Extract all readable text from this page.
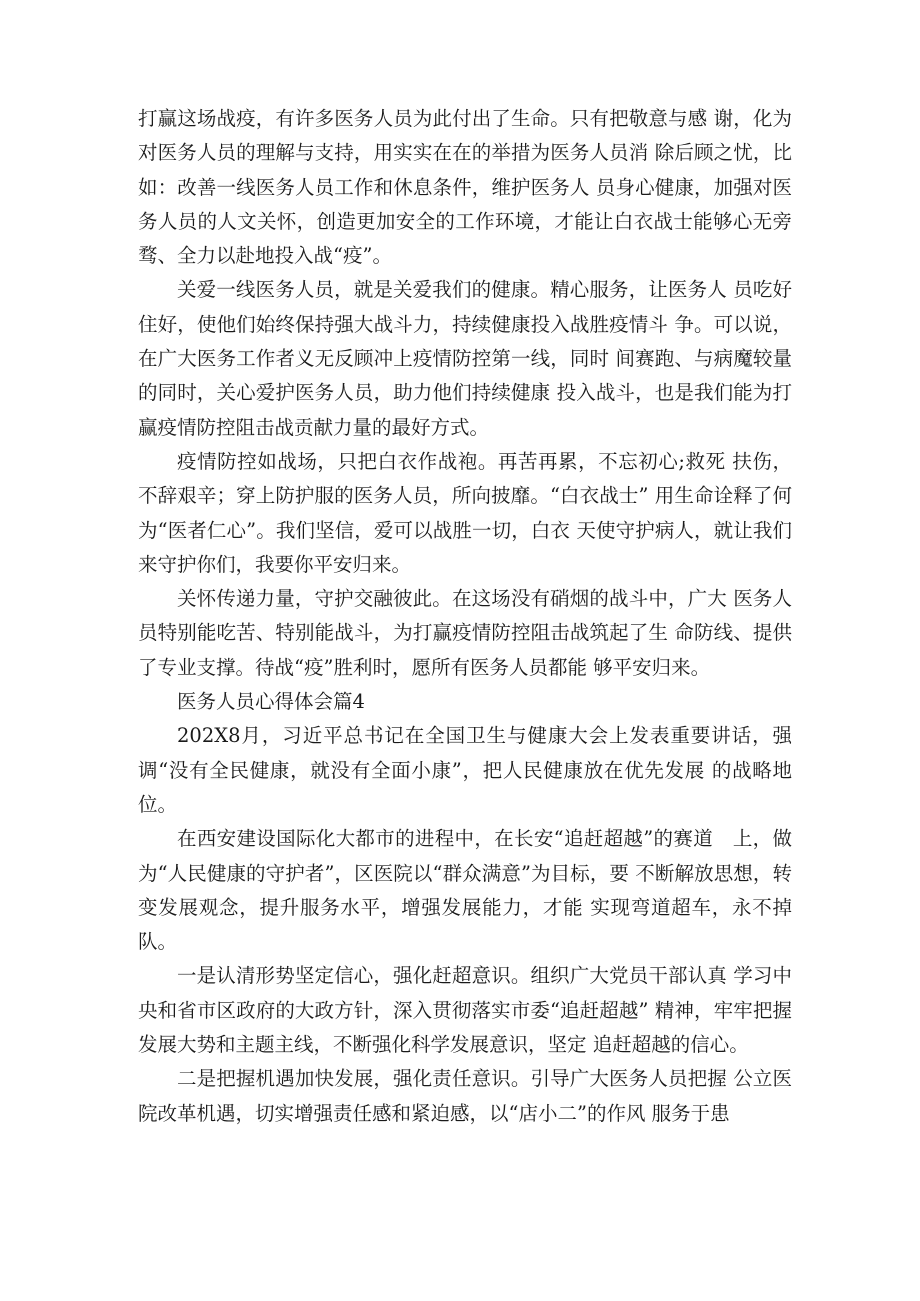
打赢这场战疫，有许多医务人员为此付出了生命。只有把敬意与感 谢，化为对医务人员的理解与支持，用实实在在的举措为医务人员消 除后顾之忧，比如：改善一线医务人员工作和休息条件，维护医务人 员身心健康，加强对医务人员的人文关怀，创造更加安全的工作环境，才能让白衣战士能够心无旁骛、全力以赴地投入战“疫”。

关爱一线医务人员，就是关爱我们的健康。精心服务，让医务人 员吃好住好，使他们始终保持强大战斗力，持续健康投入战胜疫情斗 争。可以说，在广大医务工作者义无反顾冲上疫情防控第一线，同时 间赛跑、与病魔较量的同时，关心爱护医务人员，助力他们持续健康 投入战斗，也是我们能为打赢疫情防控阻击战贡献力量的最好方式。

疫情防控如战场，只把白衣作战袍。再苦再累，不忘初心;救死 扶伤，不辞艰辛；穿上防护服的医务人员，所向披靡。“白衣战士” 用生命诠释了何为“医者仁心”。我们坚信，爱可以战胜一切，白衣 天使守护病人，就让我们来守护你们，我要你平安归来。

关怀传递力量，守护交融彼此。在这场没有硝烟的战斗中，广大 医务人员特别能吃苦、特别能战斗，为打赢疫情防控阻击战筑起了生 命防线、提供了专业支撑。待战“疫”胜利时，愿所有医务人员都能 够平安归来。

医务人员心得体会篇4

202X8月，习近平总书记在全国卫生与健康大会上发表重要讲话，强调“没有全民健康，就没有全面小康”，把人民健康放在优先发展 的战略地位。

在西安建设国际化大都市的进程中，在长安“追赶超越”的赛道　上，做为“人民健康的守护者”，区医院以“群众满意”为目标，要 不断解放思想，转变发展观念，提升服务水平，增强发展能力，才能 实现弯道超车，永不掉队。

一是认清形势坚定信心，强化赶超意识。组织广大党员干部认真 学习中央和省市区政府的大政方针，深入贯彻落实市委“追赶超越” 精神，牢牢把握发展大势和主题主线，不断强化科学发展意识，坚定 追赶超越的信心。

二是把握机遇加快发展，强化责任意识。引导广大医务人员把握 公立医院改革机遇，切实增强责任感和紧迫感，以“店小二”的作风 服务于患
